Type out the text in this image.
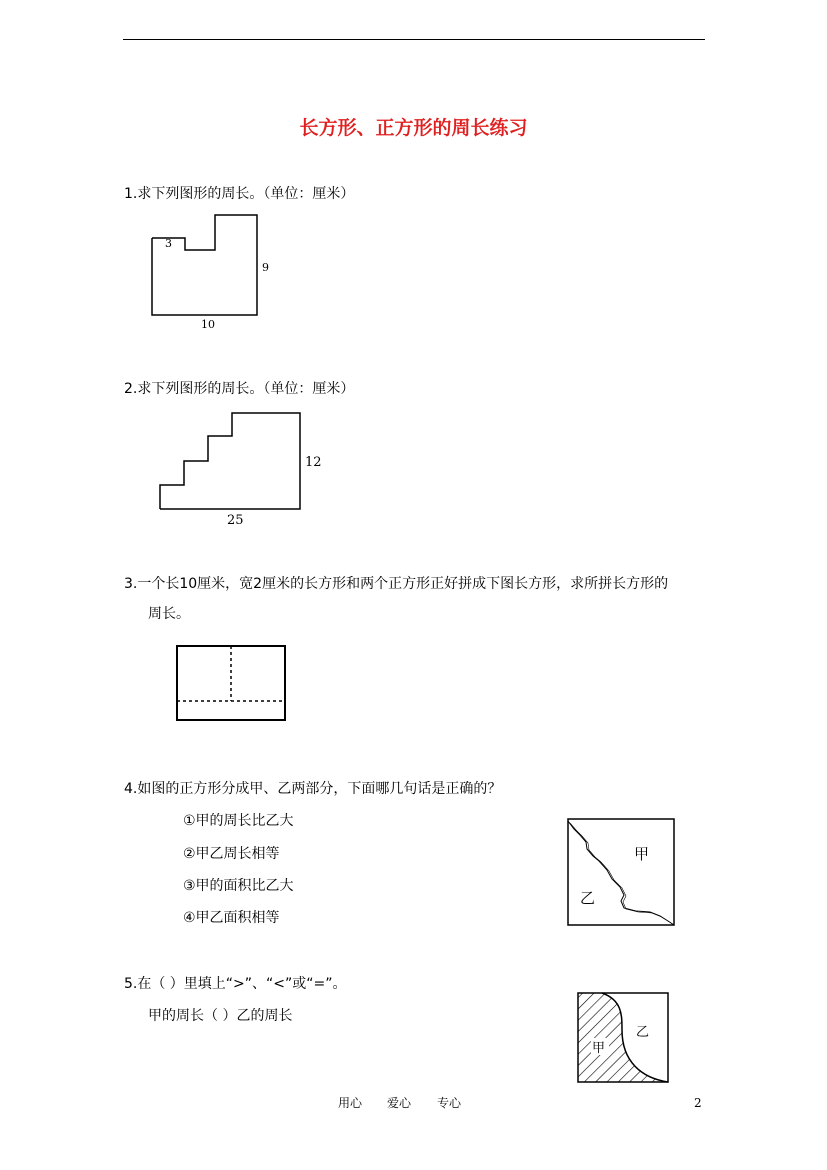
长方形、正方形的周长练习
1.求下列图形的周长。（单位：厘米）
3
9
10
2.求下列图形的周长。（单位：厘米）
12
25
3.一个长10厘米，宽2厘米的长方形和两个正方形正好拼成下图长方形，求所拼长方形的
周长。
4.如图的正方形分成甲、乙两部分，下面哪几句话是正确的？
①甲的周长比乙大
②甲乙周长相等
③甲的面积比乙大
④甲乙面积相等
甲
乙
5.在（ ）里填上“>”、“<”或“=”。
甲的周长（ ）乙的周长
甲
乙
用心 爱心 专心	2
